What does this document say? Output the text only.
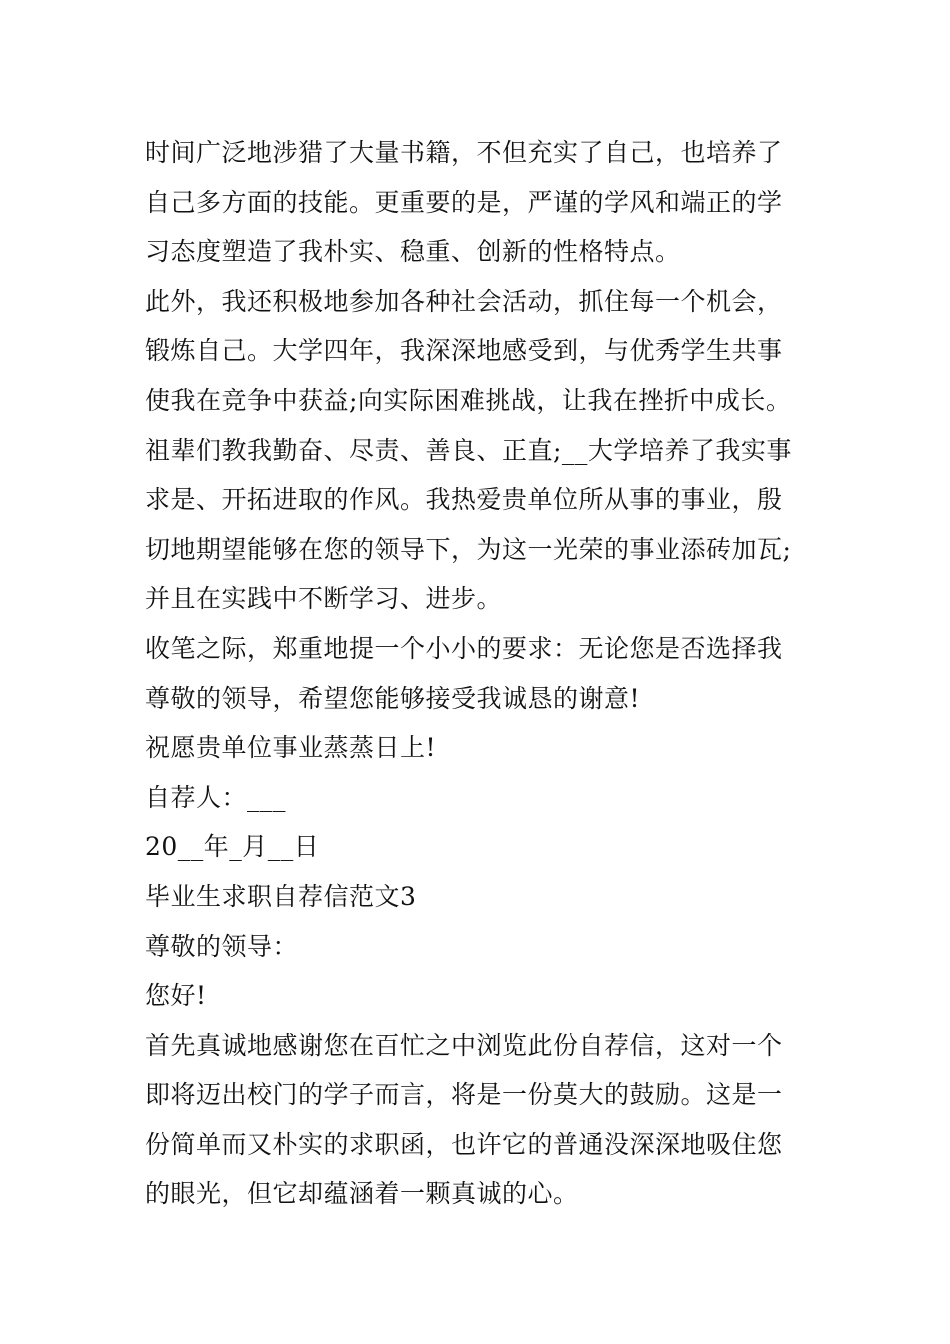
时间广泛地涉猎了大量书籍，不但充实了自己，也培养了
自己多方面的技能。更重要的是，严谨的学风和端正的学
习态度塑造了我朴实、稳重、创新的性格特点。
此外，我还积极地参加各种社会活动，抓住每一个机会，
锻炼自己。大学四年，我深深地感受到，与优秀学生共事
使我在竞争中获益;向实际困难挑战，让我在挫折中成长。
祖辈们教我勤奋、尽责、善良、正直;__大学培养了我实事
求是、开拓进取的作风。我热爱贵单位所从事的事业，殷
切地期望能够在您的领导下，为这一光荣的事业添砖加瓦;
并且在实践中不断学习、进步。
收笔之际，郑重地提一个小小的要求：无论您是否选择我
尊敬的领导，希望您能够接受我诚恳的谢意!
祝愿贵单位事业蒸蒸日上!
自荐人：___
20__年_月__日
毕业生求职自荐信范文3
尊敬的领导：
您好!
首先真诚地感谢您在百忙之中浏览此份自荐信，这对一个
即将迈出校门的学子而言，将是一份莫大的鼓励。这是一
份简单而又朴实的求职函，也许它的普通没深深地吸住您
的眼光，但它却蕴涵着一颗真诚的心。
